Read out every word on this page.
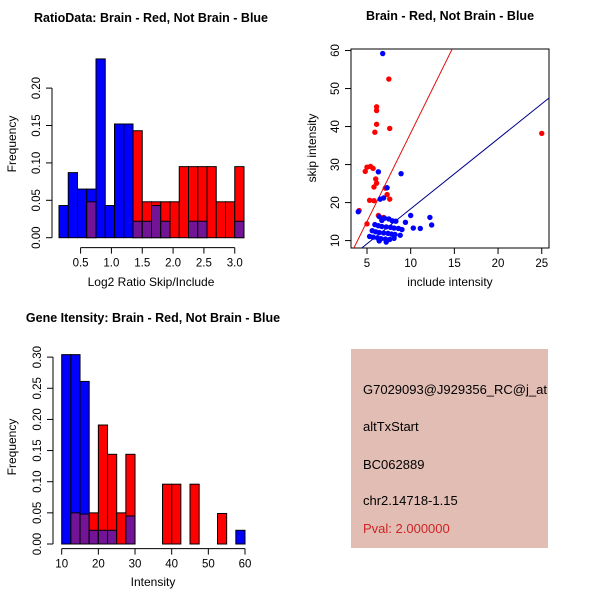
RatioData: Brain - Red, Not Brain - Blue
Log2 Ratio Skip/Include
Frequency
0.00
0.05
0.10
0.15
0.20
0.5 1.0 1.5 2.0 2.5 3.0
Brain - Red, Not Brain - Blue
include intensity
skip intensity
10
20
30
40
50
60
5	10	15	20	25
Gene Itensity: Brain - Red, Not Brain - Blue
Intensity
Frequency
0.00
0.05
0.10
0.15
0.20
0.25
0.30
10 20 30 40 50 60
G7029093@J929356_RC@j_at
altTxStart
BC062889
chr2.14718-1.15
Pval: 2.000000
